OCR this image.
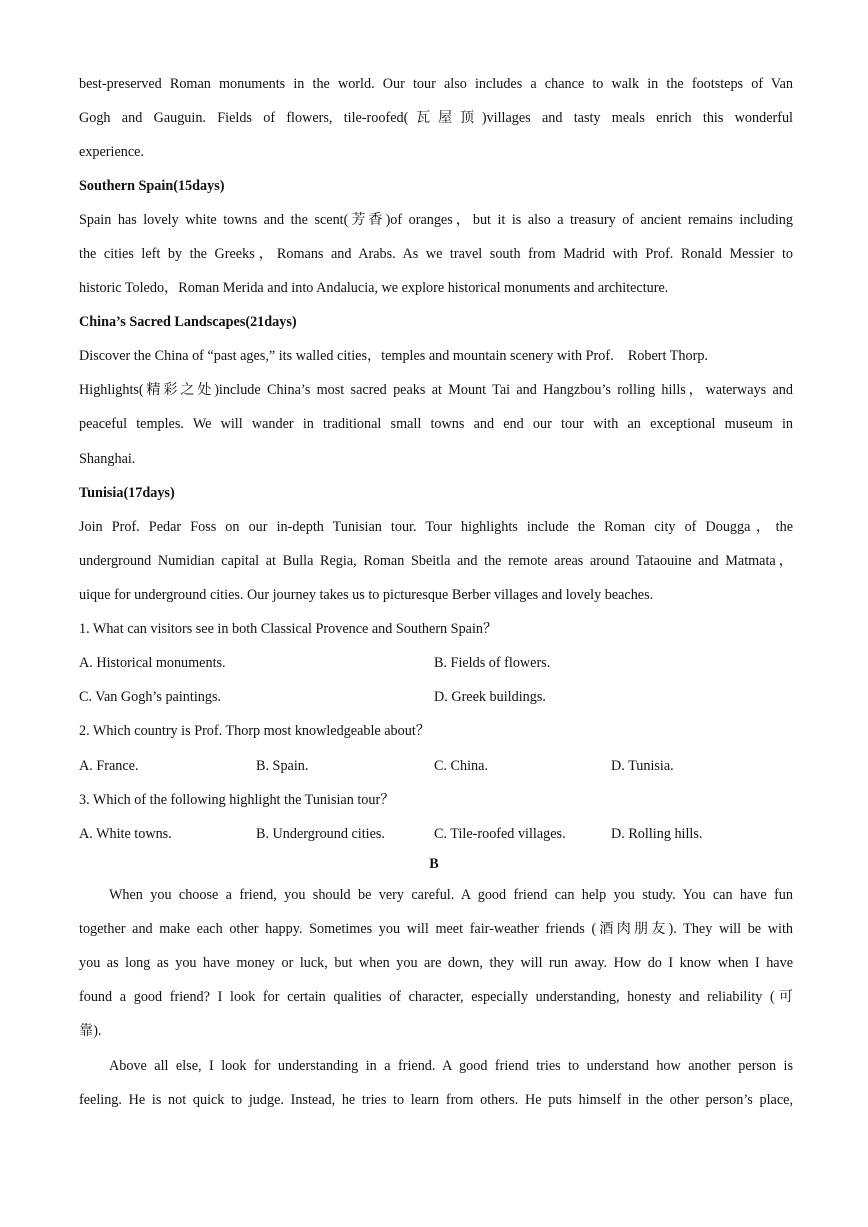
best-preserved Roman monuments in the world. Our tour also includes a chance to walk in the footsteps of Van
Gogh and Gauguin. Fields of flowers, tile-roofed(瓦屋顶)villages and tasty meals enrich this wonderful
experience.
Southern Spain(15days)
Spain has lovely white towns and the scent(芳香)of oranges，but it is also a treasury of ancient remains including
the cities left by the Greeks，Romans and Arabs. As we travel south from Madrid with Prof. Ronald Messier to
historic Toledo，Roman Merida and into Andalucia, we explore historical monuments and architecture.
China’s Sacred Landscapes(21days)
Discover the China of “past ages,” its walled cities，temples and mountain scenery with Prof.    Robert Thorp.
Highlights(精彩之处)include China’s most sacred peaks at Mount Tai and Hangzbou’s rolling hills，waterways and
peaceful temples. We will wander in traditional small towns and end our tour with an exceptional museum in
Shanghai.
Tunisia(17days)
Join Prof. Pedar Foss on our in-depth Tunisian tour. Tour highlights include the Roman city of Dougga，the
underground Numidian capital at Bulla Regia, Roman Sbeitla and the remote areas around Tataouine and Matmata，
uique for underground cities. Our journey takes us to picturesque Berber villages and lovely beaches.
1. What can visitors see in both Classical Provence and Southern Spain？
A. Historical monuments.	B. Fields of flowers.
C. Van Gogh’s paintings.	D. Greek buildings.
2. Which country is Prof. Thorp most knowledgeable about？
A. France.	B. Spain.	C. China.	D. Tunisia.
3. Which of the following highlight the Tunisian tour？
A. White towns.	B. Underground cities.	C. Tile-roofed villages.	D. Rolling hills.
B
When you choose a friend, you should be very careful. A good friend can help you study. You can have fun
together and make each other happy. Sometimes you will meet fair-weather friends (酒肉朋友). They will be with
you as long as you have money or luck, but when you are down, they will run away. How do I know when I have
found a good friend? I look for certain qualities of character, especially understanding, honesty and reliability (可
靠).
Above all else, I look for understanding in a friend. A good friend tries to understand how another person is
feeling. He is not quick to judge. Instead, he tries to learn from others. He puts himself in the other person’s place,
